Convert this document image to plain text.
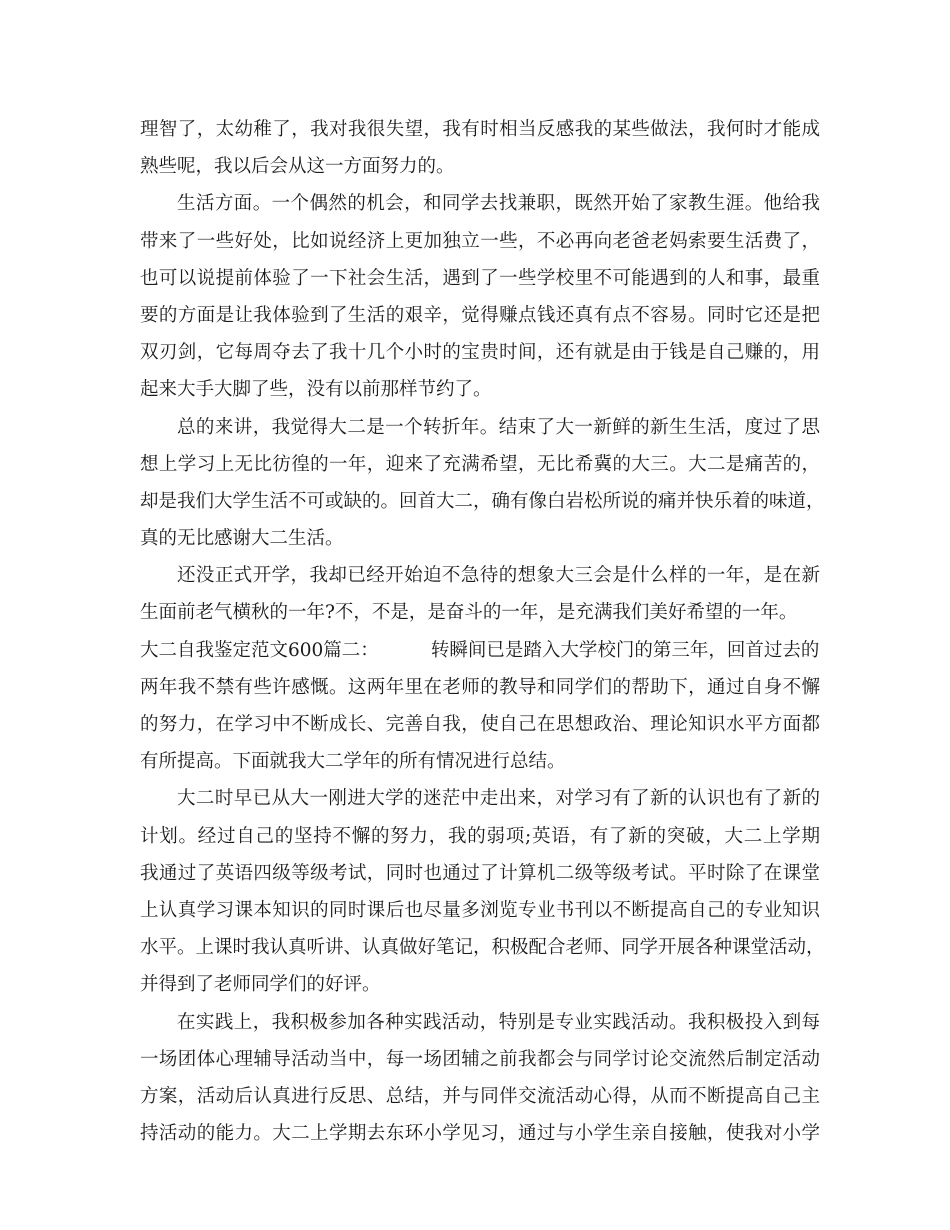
理智了，太幼稚了，我对我很失望，我有时相当反感我的某些做法，我何时才能成
熟些呢，我以后会从这一方面努力的。
生活方面。一个偶然的机会，和同学去找兼职，既然开始了家教生涯。他给我
带来了一些好处，比如说经济上更加独立一些，不必再向老爸老妈索要生活费了，
也可以说提前体验了一下社会生活，遇到了一些学校里不可能遇到的人和事，最重
要的方面是让我体验到了生活的艰辛，觉得赚点钱还真有点不容易。同时它还是把
双刃剑，它每周夺去了我十几个小时的宝贵时间，还有就是由于钱是自己赚的，用
起来大手大脚了些，没有以前那样节约了。
总的来讲，我觉得大二是一个转折年。结束了大一新鲜的新生生活，度过了思
想上学习上无比彷徨的一年，迎来了充满希望，无比希冀的大三。大二是痛苦的，
却是我们大学生活不可或缺的。回首大二，确有像白岩松所说的痛并快乐着的味道，
真的无比感谢大二生活。
还没正式开学，我却已经开始迫不急待的想象大三会是什么样的一年，是在新
生面前老气横秋的一年?不，不是，是奋斗的一年，是充满我们美好希望的一年。
大二自我鉴定范文600篇二：	转瞬间已是踏入大学校门的第三年，回首过去的
两年我不禁有些许感慨。这两年里在老师的教导和同学们的帮助下，通过自身不懈
的努力，在学习中不断成长、完善自我，使自己在思想政治、理论知识水平方面都
有所提高。下面就我大二学年的所有情况进行总结。
大二时早已从大一刚进大学的迷茫中走出来，对学习有了新的认识也有了新的
计划。经过自己的坚持不懈的努力，我的弱项;英语，有了新的突破，大二上学期
我通过了英语四级等级考试，同时也通过了计算机二级等级考试。平时除了在课堂
上认真学习课本知识的同时课后也尽量多浏览专业书刊以不断提高自己的专业知识
水平。上课时我认真听讲、认真做好笔记，积极配合老师、同学开展各种课堂活动，
并得到了老师同学们的好评。
在实践上，我积极参加各种实践活动，特别是专业实践活动。我积极投入到每
一场团体心理辅导活动当中，每一场团辅之前我都会与同学讨论交流然后制定活动
方案，活动后认真进行反思、总结，并与同伴交流活动心得，从而不断提高自己主
持活动的能力。大二上学期去东环小学见习，通过与小学生亲自接触，使我对小学
